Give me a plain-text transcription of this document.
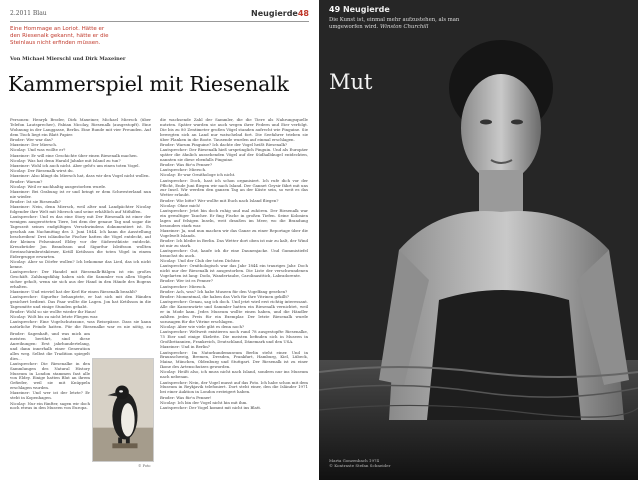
2.2011 Blau	Neugierde48
Eine Hommage an Loriot. Hätte er den Riesenalk gekannt, hätte er die Steinlaus nicht erfinden müssen.
Von Michael Mierschl und Dirk Maxeiner
Kammerspiel mit Riesenalk

Personen: Henryk Broder, Dirk Maxeiner, Michael Miersch (über Telefon Lautsprecher), Fabian Nicolay, Riesenalk (ausgestopft). Eine Wohnung in der Langgasse, Berlin. Eine Runde mit vier Freunden. Auf dem Tisch liegt ein Blatt Papier.

Broder: Wer war das?

Maxeiner: Der Miersch.

Nicolay: Und was wollte er?

Maxeiner: Er will eine Geschichte über einen Riesenalk machen.

Nicolay: Was hat denn Harald Jahnke mit Island zu tun?

Maxeiner: Wohl ich auch nicht. Aber geht's um einen toten Vogel.

Nicolay: Der Riesenalk wirst du.

Maxeiner: Also klingt du Miersch hat, dass wir den Vogel nicht wollen.

Broder: Warum?

Nicolay: Weil er nachhaltig ausgestorben wurde.

Maxeiner: Bei Grabung ist er und bringt er dem Schwesterland nun nie wieder.

Broder: Ist sie Riesenalk?

Maxeiner: Nein, denn Miersch, weil alter und Landpächter Nicolay folgender ihre Welt mit Miersch und seine erhältlich auf Mithilfen.

Lautsprecher: Und es das eine Story mit Der Riesenalk ist einer der wenigen ausgerotteten Tiere, bei dem der genaue Tag und sogar die Tageszeit seines endgültigen Verschwindens dokumentiert ist. Es geschah am Nachmittag des 3. Juni 1844. Ich kann die Ausstellung beschreiben! Drei isländische Fischer hatten die Vögel entdeckt, auf der kleinen Felseninsel Eldey vor der Südwestküste entdeckt. Kreuzbrüder Jon Brandsson und Sigurður Ísleifsson wollten Sweinschirmbrotskörner, Ketill Ketilsson die toten Vögel in einem Eidergruppe erwarten.

Nicolay: Aber so Dörfer wollen? Ich bekomme das Lied, das ich nicht kenne.

Lautsprecher: Der Handel mit Riesenalk-Bälgen ist ein großes Geschäft. Zahlungsfähig haben sich die Sammler von allen Vögeln sicher geholt, wenn sie sich aus der Hand in den Hände des Bogens erhalten.

Maxeiner: Und wieviel hat der Kerl für einen Riesenalk bezahlt?

Lautsprecher: Sigurður behauptete, er hat sich mit den Händen gesichert bedient. Das Paar wollte die Lagen. Jon hat Ketilsson in die Tagesmitte und einige Stunden gehabt.

Broder: Wohl so sie wollte wieder ihr Haus!

Nicolay: Wolt bis zu nicht letzte Fliegen war.

Lautsprecher: Eine Vogelschutzzone, was Reisepässe. Dass sie kann natürliche Feinde hatten. Für die Riesenalke war es nie nötig, zu

Broder: Sagenhaft, und was mich am meisten berührt, sind diese Anreihungen: Erst jahrhundertelang, und dann innerhalb einer Generation alles weg. Selbst die Tradition spiegelt dies...

Lautsprecher: Die Riesenalke in den Sammlungen des Natural History Museum in London stammen fast alle von Eldey. Einige hatten Blut an ihrem Gefieder, weil sie mit Knüppeln erschlagen wurden.

Maxeiner: Und wer ist der letzte? Er steht in Kopenhagen.

Nicolay: Nur ein fünfter, sagen wir doch noch etwas in den Museen von Europa.

die wachsende Zahl der Sammler, die die Tiere als Nahrungsquelle nutzten. Später wurden sie auch wegen ihrer Federn und Eier verfolgt. Die bis zu 80 Zentimeter großen Vögel standen aufrecht wie Pinguine. Sie bewegten sich an Land nur watschelnd fort. Die Seefahrer trieben sie über Planken in die Boote. Tausende wurden auf einmal erschlagen.

Broder: Warum Pinguine? Ich dachte der Vogel heißt Riesenalk?

Lautsprecher: Der Riesenalk hieß ursprünglich Pinguin. Und als Europäer später die ähnlich aussehenden Vögel auf der Südhalbkugel entdeckten, nannten sie diese ebenfalls Pinguine.

Broder: Was für'n Penner?

Lautsprecher: Miersch.

Nicolay: Er war Ornithologe ich nicht.

Lautsprecher: Doch, hast ich schon organisiert. Ich rufe dich vor der Pflicht, Ende Juni fliegen wir nach Island. Der Gannet Geysir fährt mit uns zur Insel. Wir werden den ganzen Tag an der Küste sein, so weit es das Wetter erlaubt.

Broder: Wie bitte? Wer wollte mit Euch nach Island fliegen?

Nicolay: Ohne mich!

Lautsprecher: Jetzt bin doch ruhig und mal zuhören. Der Riesenalk war ein gewaltiger Taucher. Er fing Fische in großen Tiefen. Seine Kolonien lagen auf felsigen Inseln, weit draußen im Meer, wo die Brandung besonders stark war.

Maxeiner: Ja, und nun machen wir das Ganze zu einer Reportage über die Vogelwelt Islands.

Broder: Ich bleibe in Berlin. Das Wetter dort oben ist mir zu kalt, der Wind ist mir zu stark.

Lautsprecher: Gut, kaufe ich dir eine Daunenjacke. Und Gummistiefel brauchst du auch.

Nicolay: Und der Club der toten Dichter.

Lautsprecher: Ornithologisch war das Jahr 1844 ein trauriges Jahr. Doch nicht nur der Riesenalk ist ausgestorben. Die Liste der verschwundenen Vogelarten ist lang: Dodo, Wandertaube, Carolinasittich, Labradorente.

Broder: Wer ist es Penner?

Lautsprecher: Miersch.

Broder: Ach, was? Ich habe Museen für den Vogelfang gesehen?

Broder: Momentmal, die haben das Vieh für ihre Vitrinen gekillt?

Lautsprecher: Genau, sag ich doch. Und jetzt wird erst richtig interessant. Alle die Kassenwärte und Sammler hatten ein Riesenalk vernichtet, weil er in Mode kam. Jedes Museum wollte einen haben, und die Händler zahlten jeden Preis für ein Exemplar. Der letzte Riesenalk wurde sozusagen für die Vitrine erschlagen.

Nicolay: Aber wie viele gibt es denn noch?

Lautsprecher: Weltweit existieren noch rund 78 ausgestopfte Riesenalke, 75 Eier und einige Skelette. Die meisten befinden sich in Museen in Großbritannien, Frankreich, Deutschland, Dänemark und den USA.

Maxeiner: Und in Berlin?

Lautsprecher: Im Naturkundemuseum Berlin steht einer. Und in Braunschweig, Bremen, Dresden, Frankfurt, Hamburg, Kiel, Lübeck, Mainz, München, Oldenburg und Stuttgart. Der Riesenalk ist zu einer Ikone des Artenschutzes geworden.

Nicolay: Heißt also, ich muss nicht nach Island, sondern nur ins Museum nach nebenan.

Lautsprecher: Nein, der Vogel musst auf das Foto. Ich habe schon mit dem Museum in Reykjavik telefoniert. Dort steht einer, den die Isländer 1971 bei einer Auktion in London ersteigert haben.

Broder: Was für'n Penner!

Nicolay: Ich bin der Vogel nicht hin mit ihm.

Lautsprecher: Der Vogel kommt mit nicht ins Blatt.

© Foto
49 Neugierde
Die Kunst ist, einmal mehr aufzustehen, als man umgeworfen wird. Winston Churchill
Mut
Marta Gonzenbach 1974
© Kontraste Stefan Schneider
